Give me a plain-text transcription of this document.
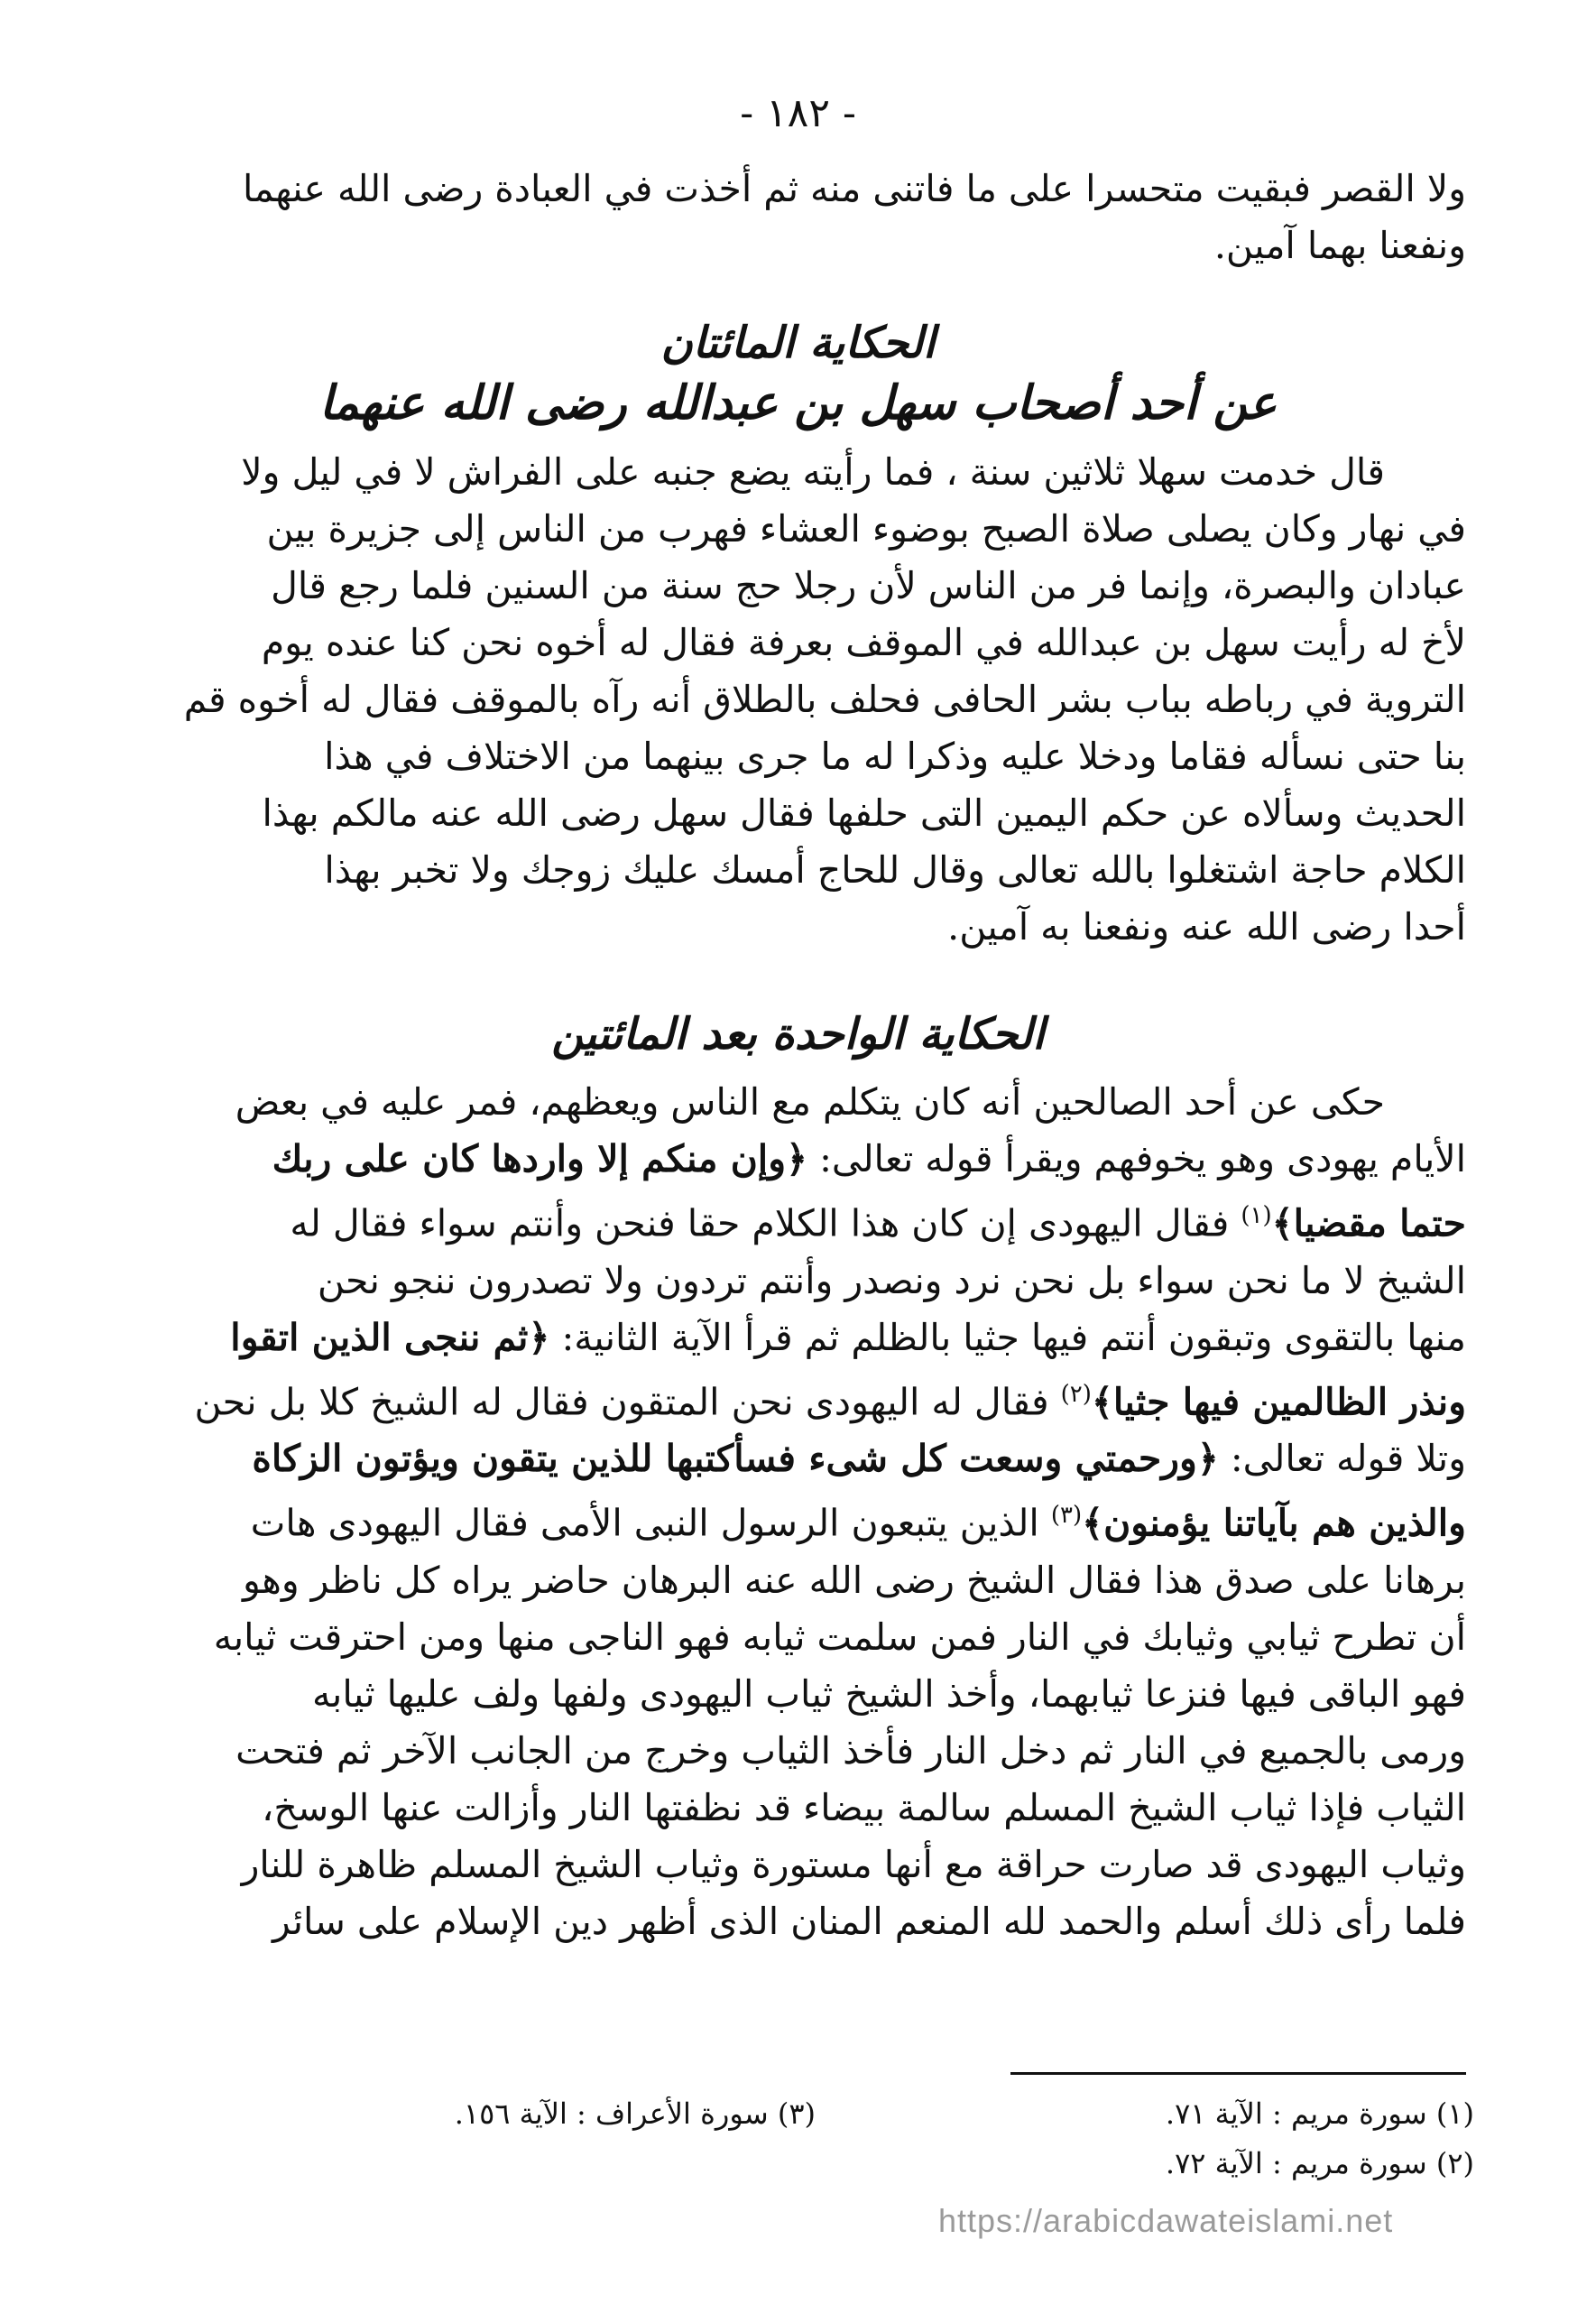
- ١٨٢ -

ولا القصر فبقيت متحسرا على ما فاتنى منه ثم أخذت في العبادة رضى الله عنهما

ونفعنا بهما آمين.

الحكاية المائتان
عن أحد أصحاب سهل بن عبدالله رضى الله عنهما

قال خدمت سهلا ثلاثين سنة ، فما رأيته يضع جنبه على الفراش لا في ليل ولا

في نهار وكان يصلى صلاة الصبح بوضوء العشاء فهرب من الناس إلى جزيرة بين

عبادان والبصرة، وإنما فر من الناس لأن رجلا حج سنة من السنين فلما رجع قال

لأخ له رأيت سهل بن عبدالله في الموقف بعرفة فقال له أخوه نحن كنا عنده يوم

التروية في رباطه بباب بشر الحافى فحلف بالطلاق أنه رآه بالموقف فقال له أخوه قم

بنا حتى نسأله فقاما ودخلا عليه وذكرا له ما جرى بينهما من الاختلاف في هذا

الحديث وسألاه عن حكم اليمين التى حلفها فقال سهل رضى الله عنه مالكم بهذا

الكلام حاجة اشتغلوا بالله تعالى وقال للحاج أمسك عليك زوجك ولا تخبر بهذا

أحدا رضى الله عنه ونفعنا به آمين.

الحكاية الواحدة بعد المائتين

حكى عن أحد الصالحين أنه كان يتكلم مع الناس ويعظهم، فمر عليه في بعض

الأيام يهودى وهو يخوفهم ويقرأ قوله تعالى: ﴿وإن منكم إلا واردها كان على ربك

حتما مقضيا﴾$^{(١)}$ فقال اليهودى إن كان هذا الكلام حقا فنحن وأنتم سواء فقال له

الشيخ لا ما نحن سواء بل نحن نرد ونصدر وأنتم تردون ولا تصدرون ننجو نحن

منها بالتقوى وتبقون أنتم فيها جثيا بالظلم ثم قرأ الآية الثانية: ﴿ثم ننجى الذين اتقوا

ونذر الظالمين فيها جثيا﴾$^{(٢)}$ فقال له اليهودى نحن المتقون فقال له الشيخ كلا بل نحن

وتلا قوله تعالى: ﴿ورحمتي وسعت كل شىء فسأكتبها للذين يتقون ويؤتون الزكاة

والذين هم بآياتنا يؤمنون﴾$^{(٣)}$ الذين يتبعون الرسول النبى الأمى فقال اليهودى هات

برهانا على صدق هذا فقال الشيخ رضى الله عنه البرهان حاضر يراه كل ناظر وهو

أن تطرح ثيابي وثيابك في النار فمن سلمت ثيابه فهو الناجى منها ومن احترقت ثيابه

فهو الباقى فيها فنزعا ثيابهما، وأخذ الشيخ ثياب اليهودى ولفها ولف عليها ثيابه

ورمى بالجميع في النار ثم دخل النار فأخذ الثياب وخرج من الجانب الآخر ثم فتحت

الثياب فإذا ثياب الشيخ المسلم سالمة بيضاء قد نظفتها النار وأزالت عنها الوسخ،

وثياب اليهودى قد صارت حراقة مع أنها مستورة وثياب الشيخ المسلم ظاهرة للنار

فلما رأى ذلك أسلم والحمد لله المنعم المنان الذى أظهر دين الإسلام على سائر

(١) سورة مريم : الآية ٧١.
(٢) سورة مريم : الآية ٧٢.
(٣) سورة الأعراف : الآية ١٥٦.
https://arabicdawateislami.net
